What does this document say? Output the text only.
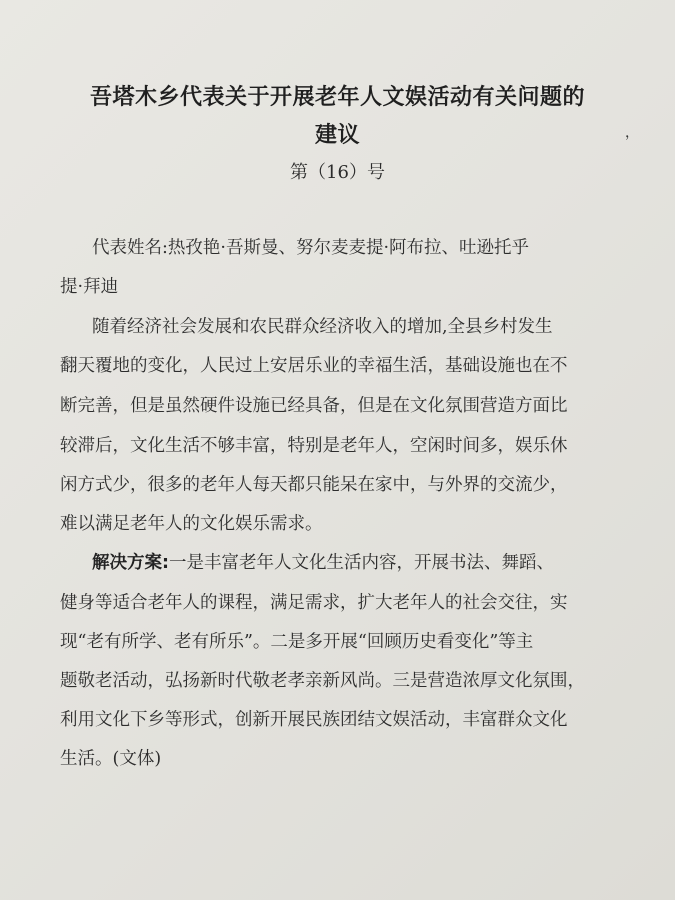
吾塔木乡代表关于开展老年人文娱活动有关问题的
建议	，
第（16）号
代表姓名:热孜艳·吾斯曼、努尔麦麦提·阿布拉、吐逊托乎
提·拜迪
随着经济社会发展和农民群众经济收入的增加,全县乡村发生
翻天覆地的变化，人民过上安居乐业的幸福生活，基础设施也在不
断完善，但是虽然硬件设施已经具备，但是在文化氛围营造方面比
较滞后，文化生活不够丰富，特别是老年人，空闲时间多，娱乐休
闲方式少，很多的老年人每天都只能呆在家中，与外界的交流少，
难以满足老年人的文化娱乐需求。
解决方案:一是丰富老年人文化生活内容，开展书法、舞蹈、
健身等适合老年人的课程，满足需求，扩大老年人的社会交往，实
现“老有所学、老有所乐”。二是多开展“回顾历史看变化”等主
题敬老活动，弘扬新时代敬老孝亲新风尚。三是营造浓厚文化氛围，
利用文化下乡等形式，创新开展民族团结文娱活动，丰富群众文化
生活。(文体)
